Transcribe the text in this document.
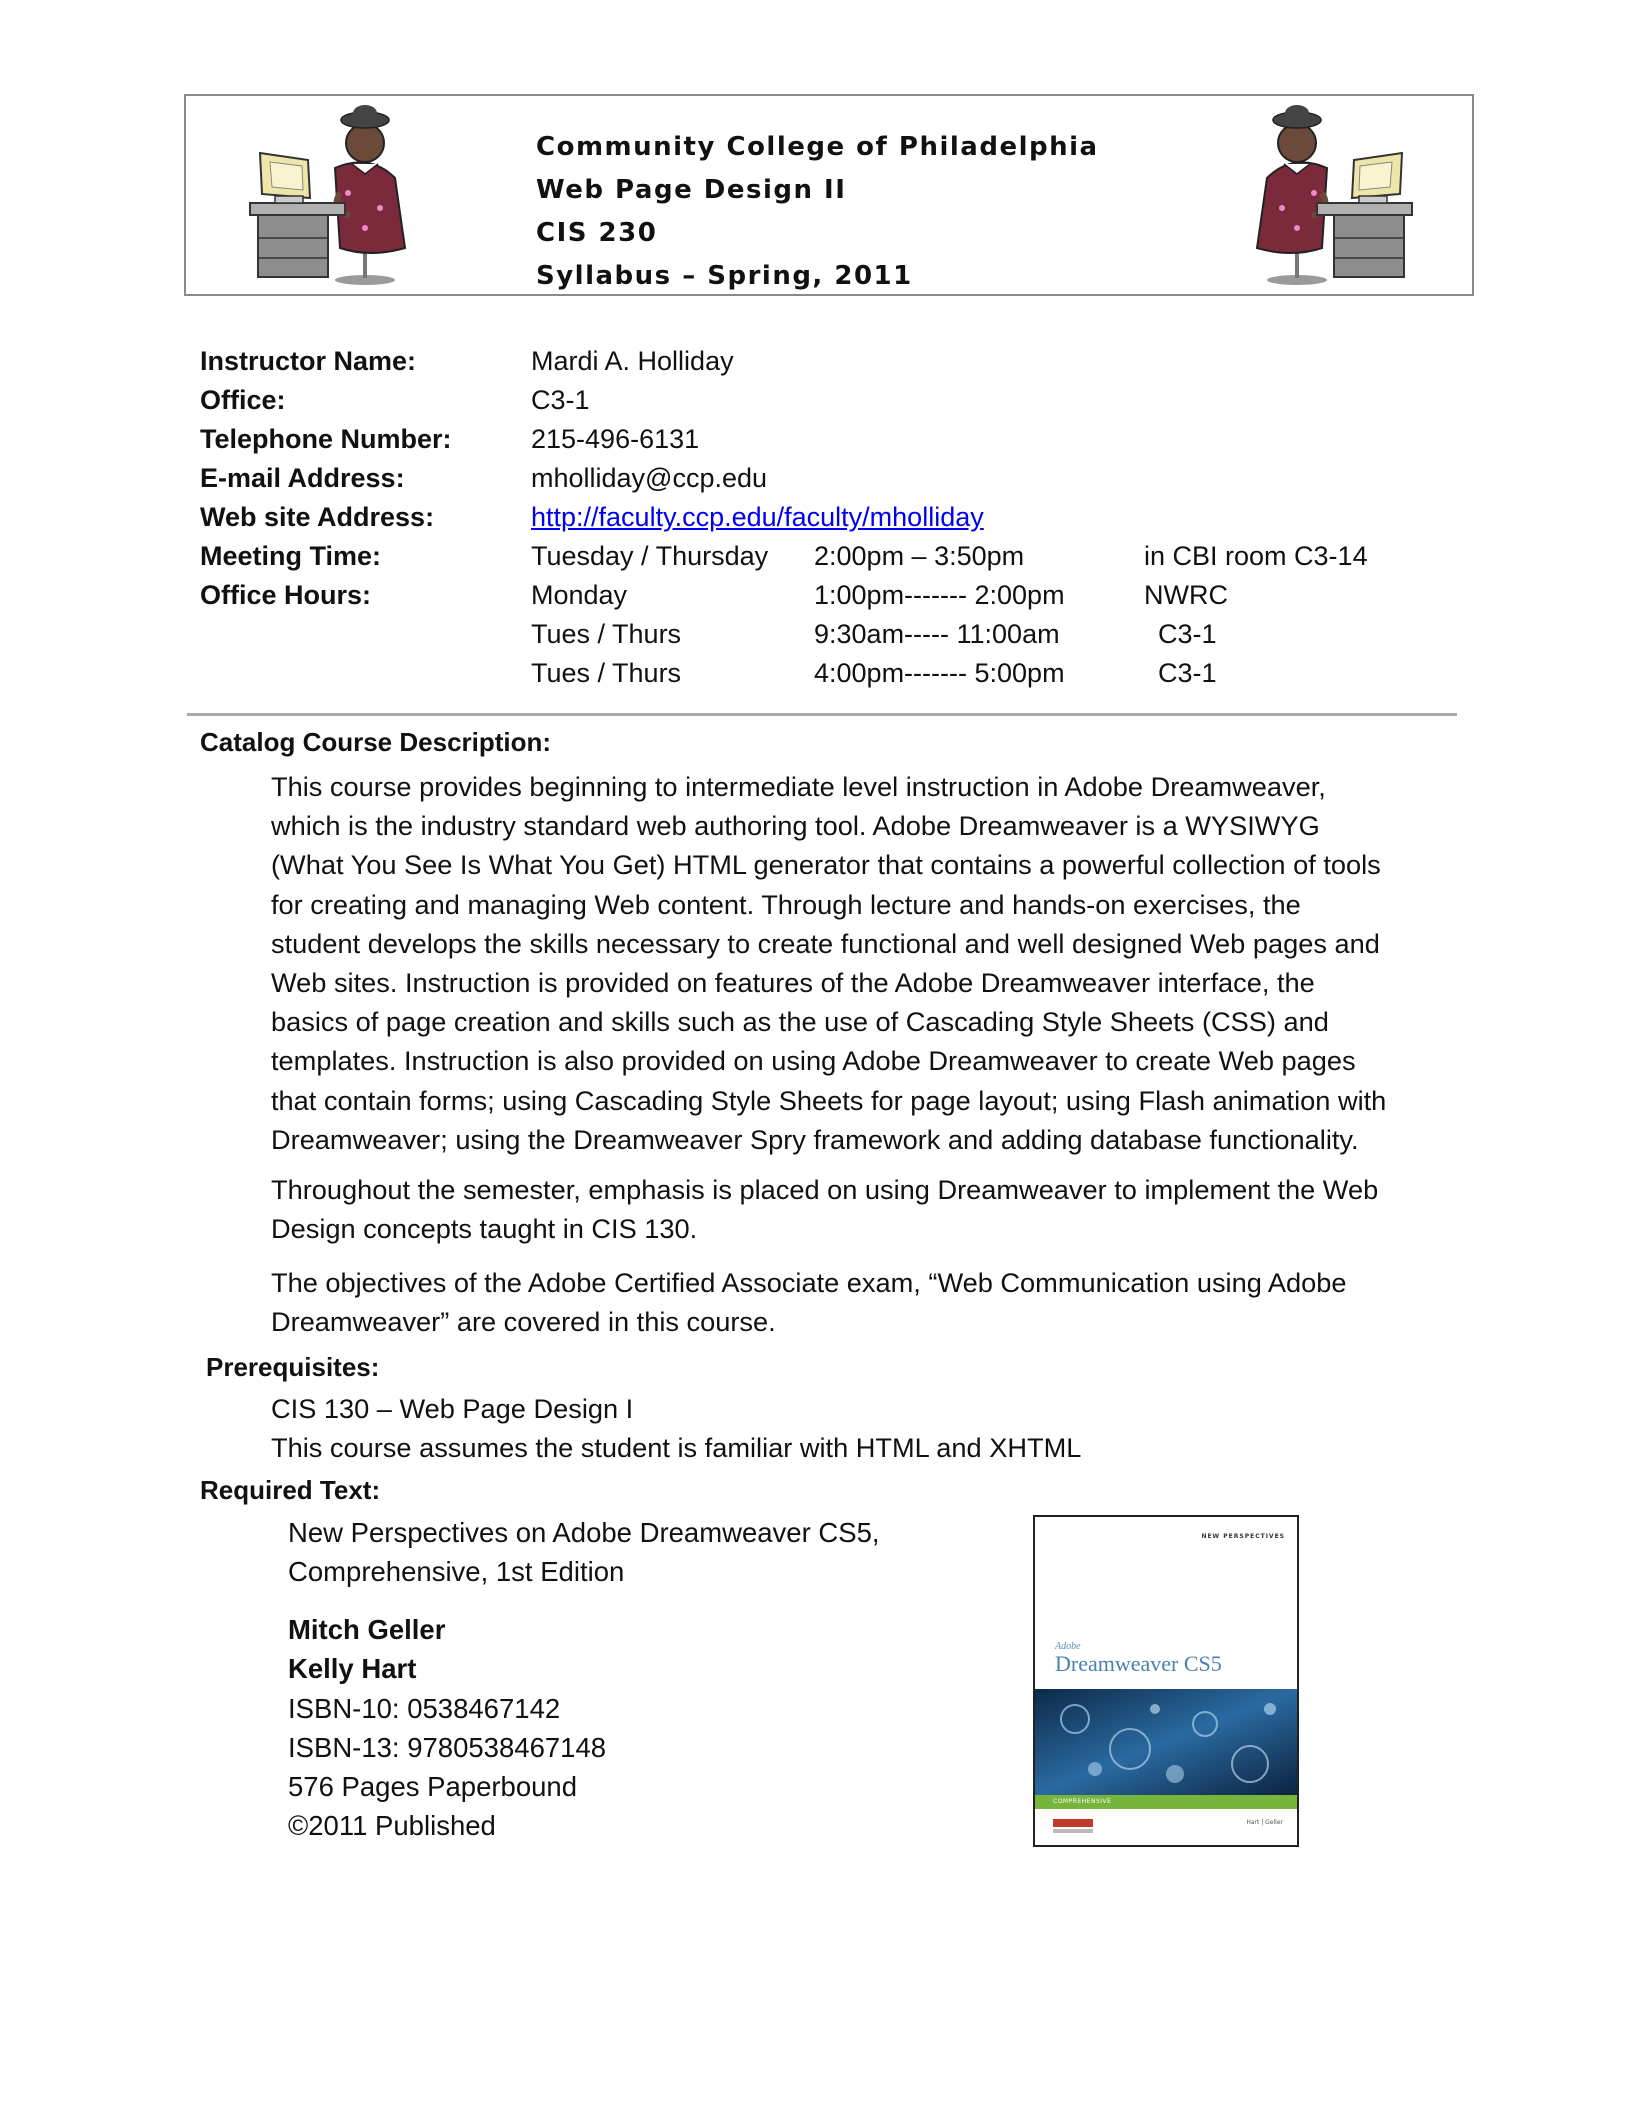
Community College of Philadelphia
Web Page Design II
CIS 230
Syllabus – Spring, 2011
Instructor Name:	Mardi A. Holliday
Office:	C3-1
Telephone Number:	215-496-6131
E-mail Address:	mholliday@ccp.edu
Web site Address:	http://faculty.ccp.edu/faculty/mholliday
Meeting Time:	Tuesday / Thursday 2:00pm – 3:50pm	in CBI room C3-14
Office Hours:	Monday	1:00pm------- 2:00pm	NWRC
Tues / Thurs	9:30am----- 11:00am	C3-1
Tues / Thurs	4:00pm------- 5:00pm	C3-1
Catalog Course Description:
This course provides beginning to intermediate level instruction in Adobe Dreamweaver,
which is the industry standard web authoring tool. Adobe Dreamweaver is a WYSIWYG
(What You See Is What You Get) HTML generator that contains a powerful collection of tools
for creating and managing Web content. Through lecture and hands-on exercises, the
student develops the skills necessary to create functional and well designed Web pages and
Web sites. Instruction is provided on features of the Adobe Dreamweaver interface, the
basics of page creation and skills such as the use of Cascading Style Sheets (CSS) and
templates. Instruction is also provided on using Adobe Dreamweaver to create Web pages
that contain forms; using Cascading Style Sheets for page layout; using Flash animation with
Dreamweaver; using the Dreamweaver Spry framework and adding database functionality.
Throughout the semester, emphasis is placed on using Dreamweaver to implement the Web
Design concepts taught in CIS 130.
The objectives of the Adobe Certified Associate exam, “Web Communication using Adobe
Dreamweaver” are covered in this course.
Prerequisites:
CIS 130 – Web Page Design I
This course assumes the student is familiar with HTML and XHTML
Required Text:
New Perspectives on Adobe Dreamweaver CS5,
Comprehensive, 1st Edition
Mitch Geller
Kelly Hart
ISBN-10: 0538467142
ISBN-13: 9780538467148
576 Pages Paperbound
©2011 Published
NEW PERSPECTIVES
Adobe
Dreamweaver CS5
COMPREHENSIVE
Hart | Geller
